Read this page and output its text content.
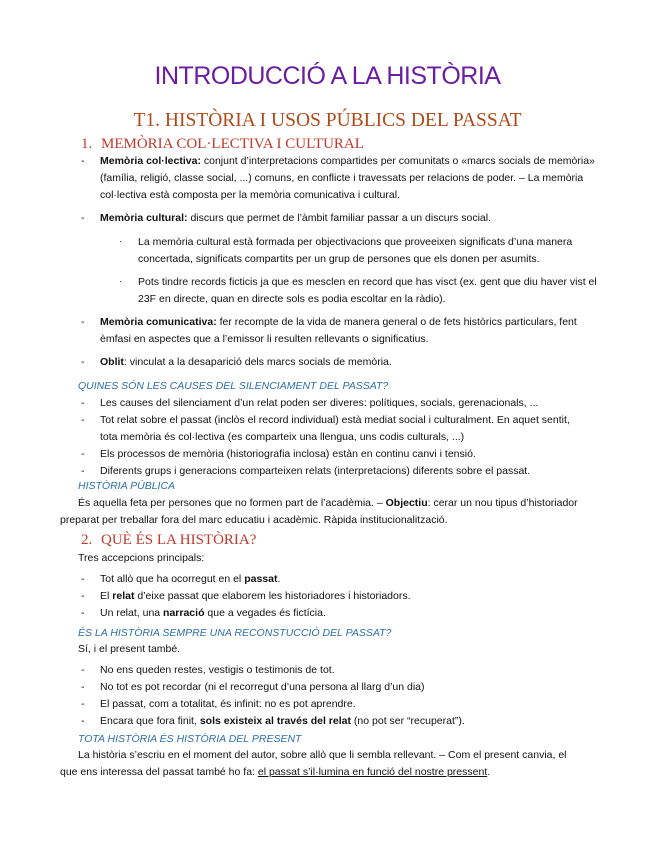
INTRODUCCIÓ A LA HISTÒRIA
T1. HISTÒRIA I USOS PÚBLICS DEL PASSAT
1. MEMÒRIA COL·LECTIVA I CULTURAL
- Memòria col·lectiva: conjunt d’interpretacions compartides per comunitats o «marcs socials de memòria»
(família, religió, classe social, ...) comuns, en conflicte i travessats per relacions de poder. – La memòria
col·lectiva està composta per la memòria comunicativa i cultural.
- Memòria cultural: discurs que permet de l’àmbit familiar passar a un discurs social.
· La memòria cultural està formada per objectivacions que proveeixen significats d’una manera
concertada, significats compartits per un grup de persones que els donen per asumits.
· Pots tindre records ficticis ja que es mesclen en record que has visct (ex. gent que diu haver vist el
23F en directe, quan en directe sols es podia escoltar en la ràdio).
- Memòria comunicativa: fer recompte de la vida de manera general o de fets històrics particulars, fent
èmfasi en aspectes que a l’emissor li resulten rellevants o significatius.
- Oblit: vinculat a la desaparició dels marcs socials de memòria.
QUINES SÓN LES CAUSES DEL SILENCIAMENT DEL PASSAT?
- Les causes del silenciament d’un relat poden ser diveres: polítiques, socials, gerenacionals, ...
- Tot relat sobre el passat (inclòs el record individual) està mediat social i culturalment. En aquet sentit,
tota memòria és col·lectiva (es comparteix una llengua, uns codis culturals, ...)
- Els processos de memòria (historiografia inclosa) estàn en continu canvi i tensió.
- Diferents grups i generacions comparteixen relats (interpretacions) diferents sobre el passat.
HISTÒRIA PÚBLICA
És aquella feta per persones que no formen part de l’acadèmia. – Objectiu: cerar un nou tipus d’historiador
preparat per treballar fora del marc educatiu i acadèmic. Ràpida institucionalització.
2. QUÈ ÉS LA HISTÒRIA?
Tres accepcions principals:
- Tot allò que ha ocorregut en el passat.
- El relat d’eixe passat que elaborem les historiadores i historiadors.
- Un relat, una narració que a vegades és fictícia.
ÉS LA HISTÒRIA SEMPRE UNA RECONSTUCCIÓ DEL PASSAT?
Sí, i el present també.
- No ens queden restes, vestigis o testimonis de tot.
- No tot es pot recordar (ni el recorregut d’una persona al llarg d’un dia)
- El passat, com a totalitat, és infinit: no es pot aprendre.
- Encara que fora finit, sols existeix al través del relat (no pot ser “recuperat”).
TOTA HISTÒRIA ÉS HISTÒRIA DEL PRESENT
La història s’escriu en el moment del autor, sobre allò que li sembla rellevant. – Com el present canvia, el
que ens interessa del passat també ho fa: el passat s’il·lumina en funció del nostre pressent.
